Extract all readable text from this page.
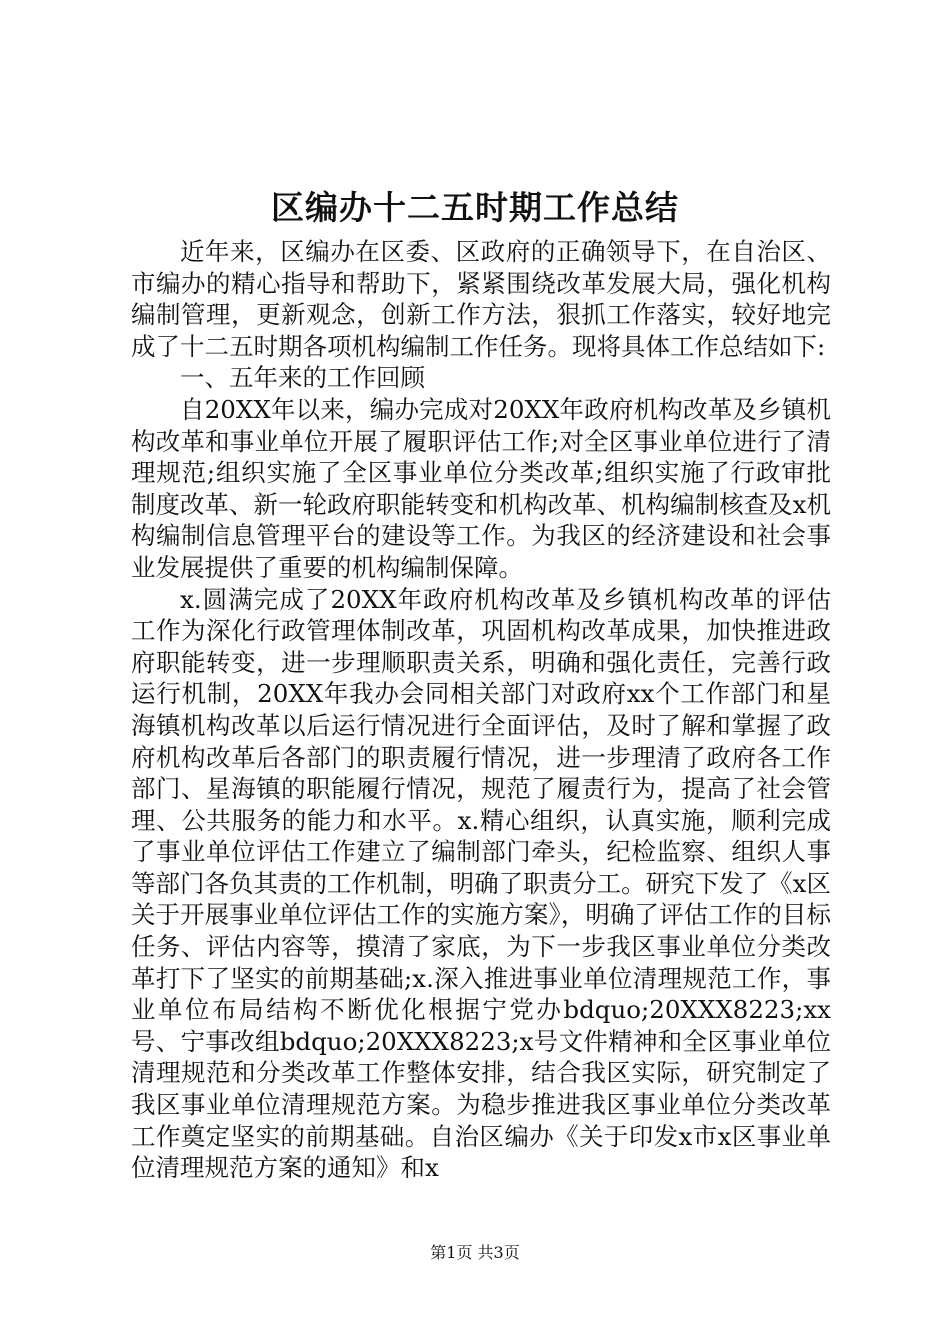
区编办十二五时期工作总结

近年来，区编办在区委、区政府的正确领导下，在自治区、市编办的精心指导和帮助下，紧紧围绕改革发展大局，强化机构编制管理，更新观念，创新工作方法，狠抓工作落实，较好地完成了十二五时期各项机构编制工作任务。现将具体工作总结如下:

一、五年来的工作回顾

自20XX年以来，编办完成对20XX年政府机构改革及乡镇机构改革和事业单位开展了履职评估工作;对全区事业单位进行了清理规范;组织实施了全区事业单位分类改革;组织实施了行政审批制度改革、新一轮政府职能转变和机构改革、机构编制核查及x机构编制信息管理平台的建设等工作。为我区的经济建设和社会事业发展提供了重要的机构编制保障。

x.圆满完成了20XX年政府机构改革及乡镇机构改革的评估工作为深化行政管理体制改革，巩固机构改革成果，加快推进政府职能转变，进一步理顺职责关系，明确和强化责任，完善行政运行机制，20XX年我办会同相关部门对政府xx个工作部门和星海镇机构改革以后运行情况进行全面评估，及时了解和掌握了政府机构改革后各部门的职责履行情况，进一步理清了政府各工作部门、星海镇的职能履行情况，规范了履责行为，提高了社会管理、公共服务的能力和水平。x.精心组织，认真实施，顺利完成了事业单位评估工作建立了编制部门牵头，纪检监察、组织人事等部门各负其责的工作机制，明确了职责分工。研究下发了《x区关于开展事业单位评估工作的实施方案》，明确了评估工作的目标任务、评估内容等，摸清了家底，为下一步我区事业单位分类改革打下了坚实的前期基础;x.深入推进事业单位清理规范工作，事业单位布局结构不断优化根据宁党办bdquo;20XXX8223;xx号、宁事改组bdquo;20XXX8223;x号文件精神和全区事业单位清理规范和分类改革工作整体安排，结合我区实际，研究制定了我区事业单位清理规范方案。为稳步推进我区事业单位分类改革工作奠定坚实的前期基础。自治区编办《关于印发x市x区事业单位清理规范方案的通知》和x

第1页 共3页
